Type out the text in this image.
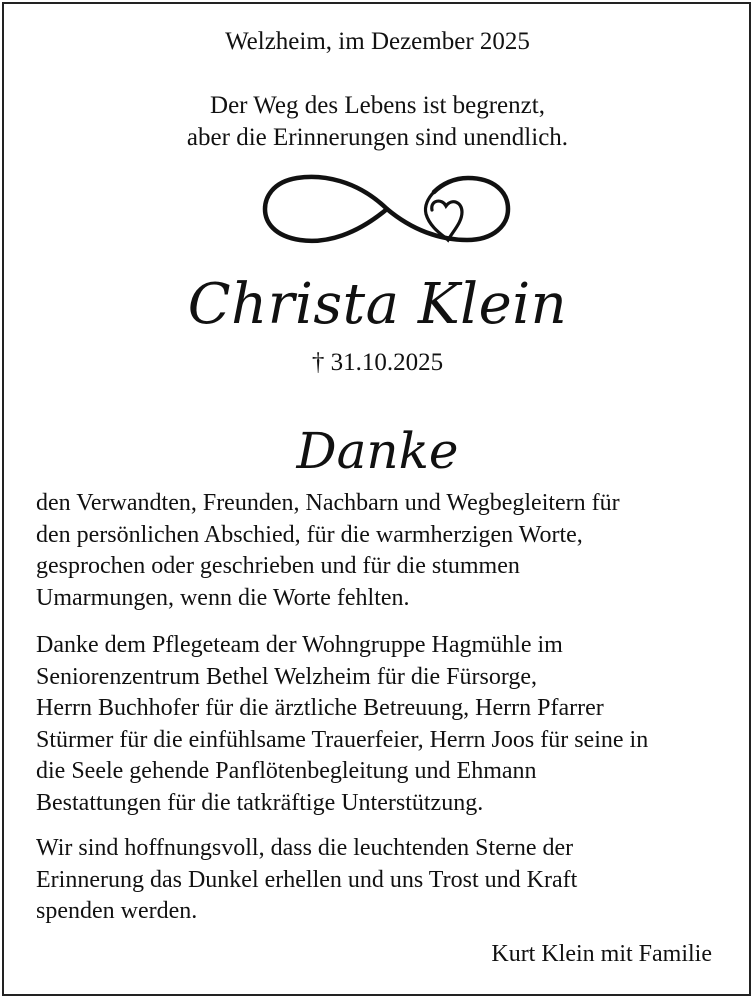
Welzheim, im Dezember 2025
Der Weg des Lebens ist begrenzt,
aber die Erinnerungen sind unendlich.
Christa Klein
† 31.10.2025
Danke
den Verwandten, Freunden, Nachbarn und Wegbegleitern für
den persönlichen Abschied, für die warmherzigen Worte,
gesprochen oder geschrieben und für die stummen
Umarmungen, wenn die Worte fehlten.
Danke dem Pflegeteam der Wohngruppe Hagmühle im
Seniorenzentrum Bethel Welzheim für die Fürsorge,
Herrn Buchhofer für die ärztliche Betreuung, Herrn Pfarrer
Stürmer für die einfühlsame Trauerfeier, Herrn Joos für seine in
die Seele gehende Panflötenbegleitung und Ehmann
Bestattungen für die tatkräftige Unterstützung.
Wir sind hoffnungsvoll, dass die leuchtenden Sterne der
Erinnerung das Dunkel erhellen und uns Trost und Kraft
spenden werden.
Kurt Klein mit Familie
